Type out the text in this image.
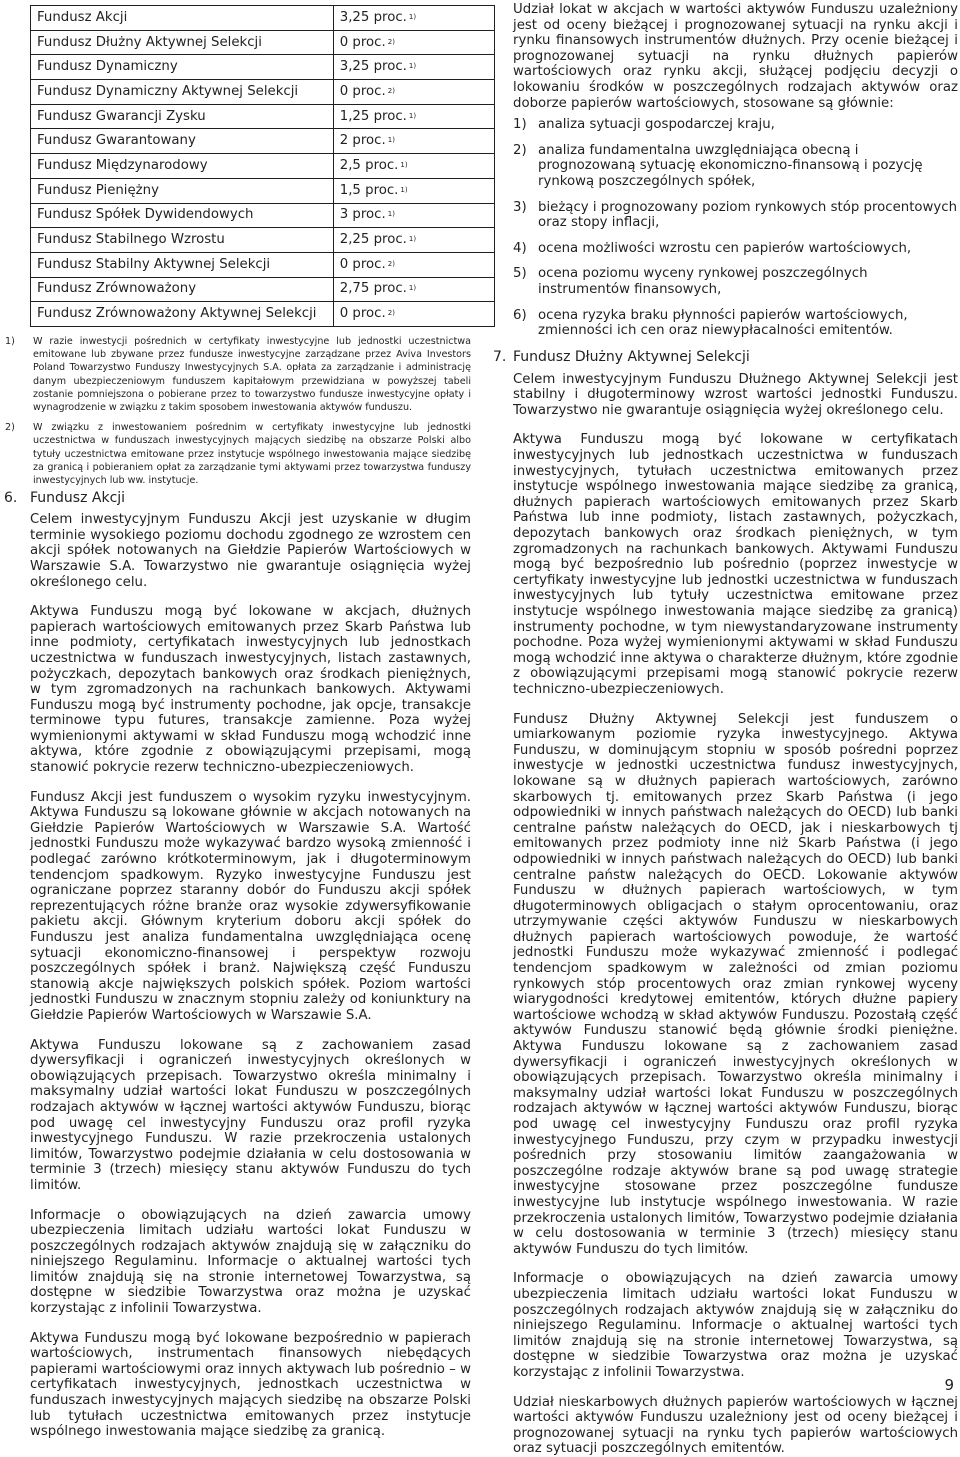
Fundusz Akcji	3,25 proc. $^{1)}$
Fundusz Dłużny Aktywnej Selekcji	0 proc. $^{2)}$
Fundusz Dynamiczny	3,25 proc. $^{1)}$
Fundusz Dynamiczny Aktywnej Selekcji	0 proc. $^{2)}$
Fundusz Gwarancji Zysku	1,25 proc. $^{1)}$
Fundusz Gwarantowany	2 proc. $^{1)}$
Fundusz Międzynarodowy	2,5 proc. $^{1)}$
Fundusz Pieniężny	1,5 proc. $^{1)}$
Fundusz Spółek Dywidendowych	3 proc. $^{1)}$
Fundusz Stabilnego Wzrostu	2,25 proc. $^{1)}$
Fundusz Stabilny Aktywnej Selekcji	0 proc. $^{2)}$
Fundusz Zrównoważony	2,75 proc. $^{1)}$
Fundusz Zrównoważony Aktywnej Selekcji	0 proc. $^{2)}$
1)	W razie inwestycji pośrednich w certyfikaty inwestycyjne lub jednostki uczestnictwa emitowane lub zbywane przez fundusze inwestycyjne zarządzane przez Aviva Investors Poland Towarzystwo Funduszy Inwestycyjnych S.A. opłata za zarządzanie i administrację danym ubezpieczeniowym funduszem kapitałowym przewidziana w powyższej tabeli zostanie pomniejszona o pobierane przez to towarzystwo fundusze inwestycyjne opłaty i wynagrodzenie w związku z takim sposobem inwestowania aktywów funduszu.
2)	W związku z inwestowaniem pośrednim w certyfikaty inwestycyjne lub jednostki uczestnictwa w funduszach inwestycyjnych mających siedzibę na obszarze Polski albo tytuły uczestnictwa emitowane przez instytucje wspólnego inwestowania mające siedzibę za granicą i pobieraniem opłat za zarządzanie tymi aktywami przez towarzystwa funduszy inwestycyjnych lub ww. instytucje.
6. Fundusz Akcji

Celem inwestycyjnym Funduszu Akcji jest uzyskanie w długim terminie wysokiego poziomu dochodu zgodnego ze wzrostem cen akcji spółek notowanych na Giełdzie Papierów Wartościowych w Warszawie S.A. Towarzystwo nie gwarantuje osiągnięcia wyżej określonego celu.

Aktywa Funduszu mogą być lokowane w akcjach, dłużnych papierach wartościowych emitowanych przez Skarb Państwa lub inne podmioty, certyfikatach inwestycyjnych lub jednostkach uczestnictwa w funduszach inwestycyjnych, listach zastawnych, pożyczkach, depozytach bankowych oraz środkach pieniężnych, w tym zgromadzonych na rachunkach bankowych. Aktywami Funduszu mogą być instrumenty pochodne, jak opcje, transakcje terminowe typu futures, transakcje zamienne. Poza wyżej wymienionymi aktywami w skład Funduszu mogą wchodzić inne aktywa, które zgodnie z obowiązującymi przepisami, mogą stanowić pokrycie rezerw techniczno-ubezpieczeniowych.

Fundusz Akcji jest funduszem o wysokim ryzyku inwestycyjnym. Aktywa Funduszu są lokowane głównie w akcjach notowanych na Giełdzie Papierów Wartościowych w Warszawie S.A. Wartość jednostki Funduszu może wykazywać bardzo wysoką zmienność i podlegać zarówno krótkoterminowym, jak i długoterminowym tendencjom spadkowym. Ryzyko inwestycyjne Funduszu jest ograniczane poprzez staranny dobór do Funduszu akcji spółek reprezentujących różne branże oraz wysokie zdywersyfikowanie pakietu akcji. Głównym kryterium doboru akcji spółek do Funduszu jest analiza fundamentalna uwzględniająca ocenę sytuacji ekonomiczno-finansowej i perspektyw rozwoju poszczególnych spółek i branż. Największą część Funduszu stanowią akcje największych polskich spółek. Poziom wartości jednostki Funduszu w znacznym stopniu zależy od koniunktury na Giełdzie Papierów Wartościowych w Warszawie S.A.

Aktywa Funduszu lokowane są z zachowaniem zasad dywersyfikacji i ograniczeń inwestycyjnych określonych w obowiązujących przepisach. Towarzystwo określa minimalny i maksymalny udział wartości lokat Funduszu w poszczególnych rodzajach aktywów w łącznej wartości aktywów Funduszu, biorąc pod uwagę cel inwestycyjny Funduszu oraz profil ryzyka inwestycyjnego Funduszu. W razie przekroczenia ustalonych limitów, Towarzystwo podejmie działania w celu dostosowania w terminie 3 (trzech) miesięcy stanu aktywów Funduszu do tych limitów.

Informacje o obowiązujących na dzień zawarcia umowy ubezpieczenia limitach udziału wartości lokat Funduszu w poszczególnych rodzajach aktywów znajdują się w załączniku do niniejszego Regulaminu. Informacje o aktualnej wartości tych limitów znajdują się na stronie internetowej Towarzystwa, są dostępne w siedzibie Towarzystwa oraz można je uzyskać korzystając z infolinii Towarzystwa.

Aktywa Funduszu mogą być lokowane bezpośrednio w papierach wartościowych, instrumentach finansowych niebędących papierami wartościowymi oraz innych aktywach lub pośrednio – w certyfikatach inwestycyjnych, jednostkach uczestnictwa w funduszach inwestycyjnych mających siedzibę na obszarze Polski lub tytułach uczestnictwa emitowanych przez instytucje wspólnego inwestowania mające siedzibę za granicą.

Udział lokat w akcjach w wartości aktywów Funduszu uzależniony jest od oceny bieżącej i prognozowanej sytuacji na rynku akcji i rynku finansowych instrumentów dłużnych. Przy ocenie bieżącej i prognozowanej sytuacji na rynku dłużnych papierów wartościowych oraz rynku akcji, służącej podjęciu decyzji o lokowaniu środków w poszczególnych rodzajach aktywów oraz doborze papierów wartościowych, stosowane są głównie:

1) analiza sytuacji gospodarczej kraju,
2) analiza fundamentalna uwzględniająca obecną i prognozowaną sytuację ekonomiczno-finansową i pozycję rynkową poszczególnych spółek,
3) bieżący i prognozowany poziom rynkowych stóp procentowych oraz stopy inflacji,
4) ocena możliwości wzrostu cen papierów wartościowych,
5) ocena poziomu wyceny rynkowej poszczególnych instrumentów finansowych,
6) ocena ryzyka braku płynności papierów wartościowych, zmienności ich cen oraz niewypłacalności emitentów.
7. Fundusz Dłużny Aktywnej Selekcji

Celem inwestycyjnym Funduszu Dłużnego Aktywnej Selekcji jest stabilny i długoterminowy wzrost wartości jednostki Funduszu. Towarzystwo nie gwarantuje osiągnięcia wyżej określonego celu.

Aktywa Funduszu mogą być lokowane w certyfikatach inwestycyjnych lub jednostkach uczestnictwa w funduszach inwestycyjnych, tytułach uczestnictwa emitowanych przez instytucje wspólnego inwestowania mające siedzibę za granicą, dłużnych papierach wartościowych emitowanych przez Skarb Państwa lub inne podmioty, listach zastawnych, pożyczkach, depozytach bankowych oraz środkach pieniężnych, w tym zgromadzonych na rachunkach bankowych. Aktywami Funduszu mogą być bezpośrednio lub pośrednio (poprzez inwestycje w certyfikaty inwestycyjne lub jednostki uczestnictwa w funduszach inwestycyjnych lub tytuły uczestnictwa emitowane przez instytucje wspólnego inwestowania mające siedzibę za granicą) instrumenty pochodne, w tym niewystandaryzowane instrumenty pochodne. Poza wyżej wymienionymi aktywami w skład Funduszu mogą wchodzić inne aktywa o charakterze dłużnym, które zgodnie z obowiązującymi przepisami mogą stanowić pokrycie rezerw techniczno-ubezpieczeniowych.

Fundusz Dłużny Aktywnej Selekcji jest funduszem o umiarkowanym poziomie ryzyka inwestycyjnego. Aktywa Funduszu, w dominującym stopniu w sposób pośredni poprzez inwestycje w jednostki uczestnictwa fundusz inwestycyjnych, lokowane są w dłużnych papierach wartościowych, zarówno skarbowych tj. emitowanych przez Skarb Państwa (i jego odpowiedniki w innych państwach należących do OECD) lub banki centralne państw należących do OECD, jak i nieskarbowych tj emitowanych przez podmioty inne niż Skarb Państwa (i jego odpowiedniki w innych państwach należących do OECD) lub banki centralne państw należących do OECD. Lokowanie aktywów Funduszu w dłużnych papierach wartościowych, w tym długoterminowych obligacjach o stałym oprocentowaniu, oraz utrzymywanie części aktywów Funduszu w nieskarbowych dłużnych papierach wartościowych powoduje, że wartość jednostki Funduszu może wykazywać zmienność i podlegać tendencjom spadkowym w zależności od zmian poziomu rynkowych stóp procentowych oraz zmian rynkowej wyceny wiarygodności kredytowej emitentów, których dłużne papiery wartościowe wchodzą w skład aktywów Funduszu. Pozostałą część aktywów Funduszu stanowić będą głównie środki pieniężne. Aktywa Funduszu lokowane są z zachowaniem zasad dywersyfikacji i ograniczeń inwestycyjnych określonych w obowiązujących przepisach. Towarzystwo określa minimalny i maksymalny udział wartości lokat Funduszu w poszczególnych rodzajach aktywów w łącznej wartości aktywów Funduszu, biorąc pod uwagę cel inwestycyjny Funduszu oraz profil ryzyka inwestycyjnego Funduszu, przy czym w przypadku inwestycji pośrednich przy stosowaniu limitów zaangażowania w poszczególne rodzaje aktywów brane są pod uwagę strategie inwestycyjne stosowane przez poszczególne fundusze inwestycyjne lub instytucje wspólnego inwestowania. W razie przekroczenia ustalonych limitów, Towarzystwo podejmie działania w celu dostosowania w terminie 3 (trzech) miesięcy stanu aktywów Funduszu do tych limitów.

Informacje o obowiązujących na dzień zawarcia umowy ubezpieczenia limitach udziału wartości lokat Funduszu w poszczególnych rodzajach aktywów znajdują się w załączniku do niniejszego Regulaminu. Informacje o aktualnej wartości tych limitów znajdują się na stronie internetowej Towarzystwa, są dostępne w siedzibie Towarzystwa oraz można je uzyskać korzystając z infolinii Towarzystwa.

Udział nieskarbowych dłużnych papierów wartościowych w łącznej wartości aktywów Funduszu uzależniony jest od oceny bieżącej i prognozowanej sytuacji na rynku tych papierów wartościowych oraz sytuacji poszczególnych emitentów.

9
